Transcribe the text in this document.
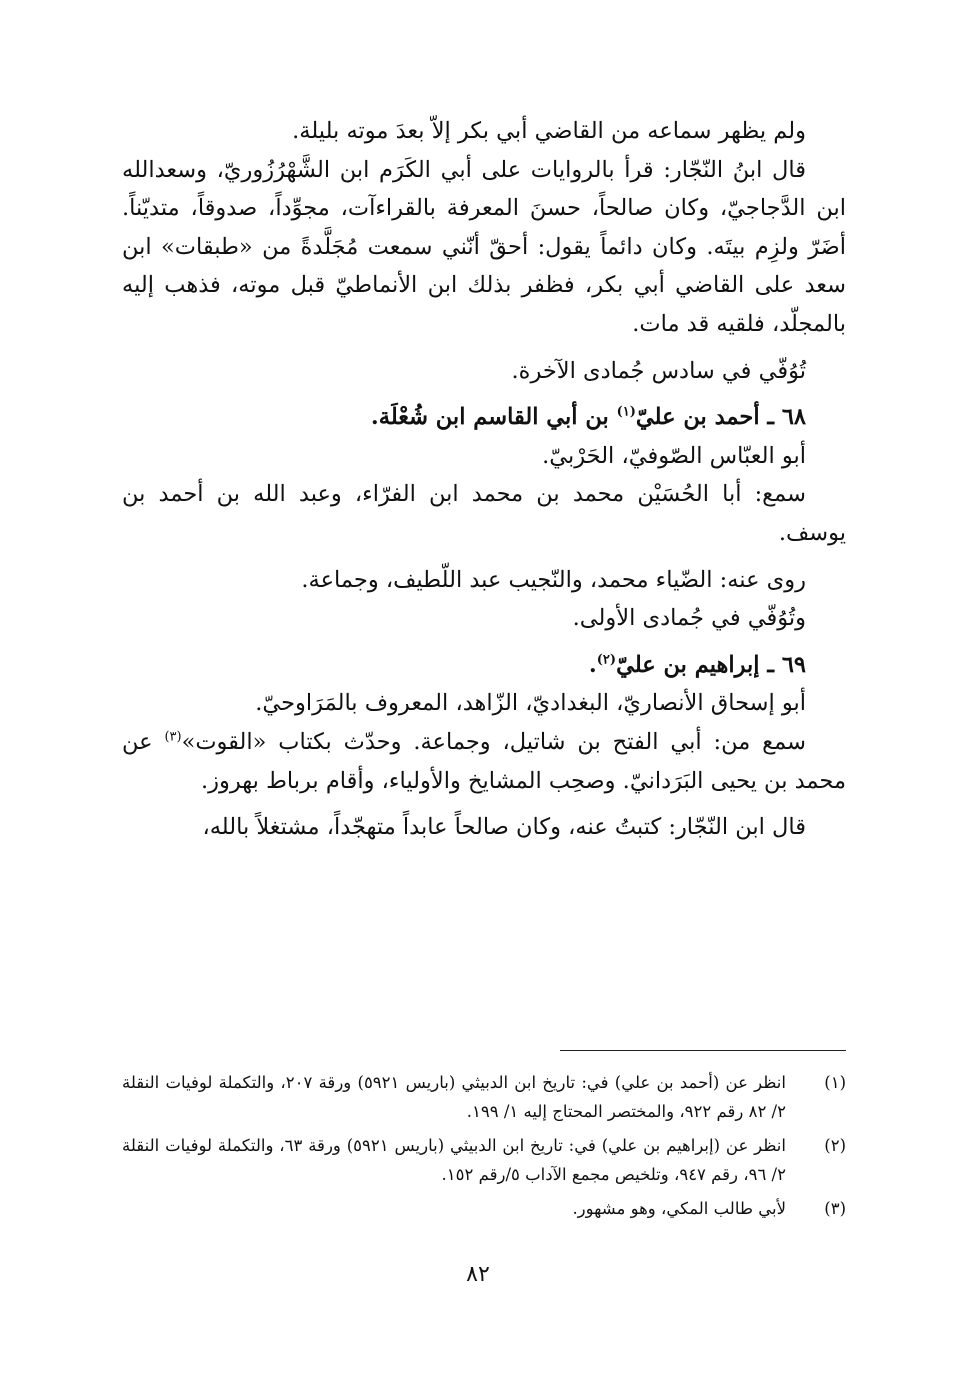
ولم يظهر سماعه من القاضي أبي بكر إلاّ بعدَ موته بليلة.

قال ابنُ النّجّار: قرأ بالروايات على أبي الكَرَم ابن الشَّهْرُزُوريّ، وسعدالله ابن الدَّجاجيّ، وكان صالحاً، حسنَ المعرفة بالقراءآت، مجوِّداً، صدوقاً، متديّناً. أضَرّ ولزِم بيتَه. وكان دائماً يقول: أحقّ أنّني سمعت مُجَلَّدةً من «طبقات» ابن سعد على القاضي أبي بكر، فظفر بذلك ابن الأنماطيّ قبل موته، فذهب إليه بالمجلّد، فلقيه قد مات.

تُوُفّي في سادس جُمادى الآخرة.

٦٨ ـ أحمد بن عليّ$^{(١)}$ بن أبي القاسم ابن شُعْلَة.

أبو العبّاس الصّوفيّ، الحَرْبيّ.

سمع: أبا الحُسَيْن محمد بن محمد ابن الفرّاء، وعبد الله بن أحمد بن يوسف.

روى عنه: الضّياء محمد، والنّجيب عبد اللّطيف، وجماعة.

وتُوُفّي في جُمادى الأولى.

٦٩ ـ إبراهيم بن عليّ$^{(٢)}$.

أبو إسحاق الأنصاريّ، البغداديّ، الزّاهد، المعروف بالمَرَاوحيّ.

سمع من: أبي الفتح بن شاتيل، وجماعة. وحدّث بكتاب «القوت»$^{(٣)}$ عن محمد بن يحيى البَرَدانيّ. وصحِب المشايخ والأولياء، وأقام برباط بهروز.

قال ابن النّجّار: كتبتُ عنه، وكان صالحاً عابداً متهجّداً، مشتغلاً بالله،

(١)
انظر عن (أحمد بن علي) في: تاريخ ابن الدبيثي (باريس ٥٩٢١) ورقة ٢٠٧، والتكملة لوفيات النقلة ٢/ ٨٢ رقم ٩٢٢، والمختصر المحتاج إليه ١/ ١٩٩.
(٢)
انظر عن (إبراهيم بن علي) في: تاريخ ابن الدبيثي (باريس ٥٩٢١) ورقة ٦٣، والتكملة لوفيات النقلة ٢/ ٩٦، رقم ٩٤٧، وتلخيص مجمع الآداب ٥/رقم ١٥٢.
(٣)
لأبي طالب المكي، وهو مشهور.
٨٢
